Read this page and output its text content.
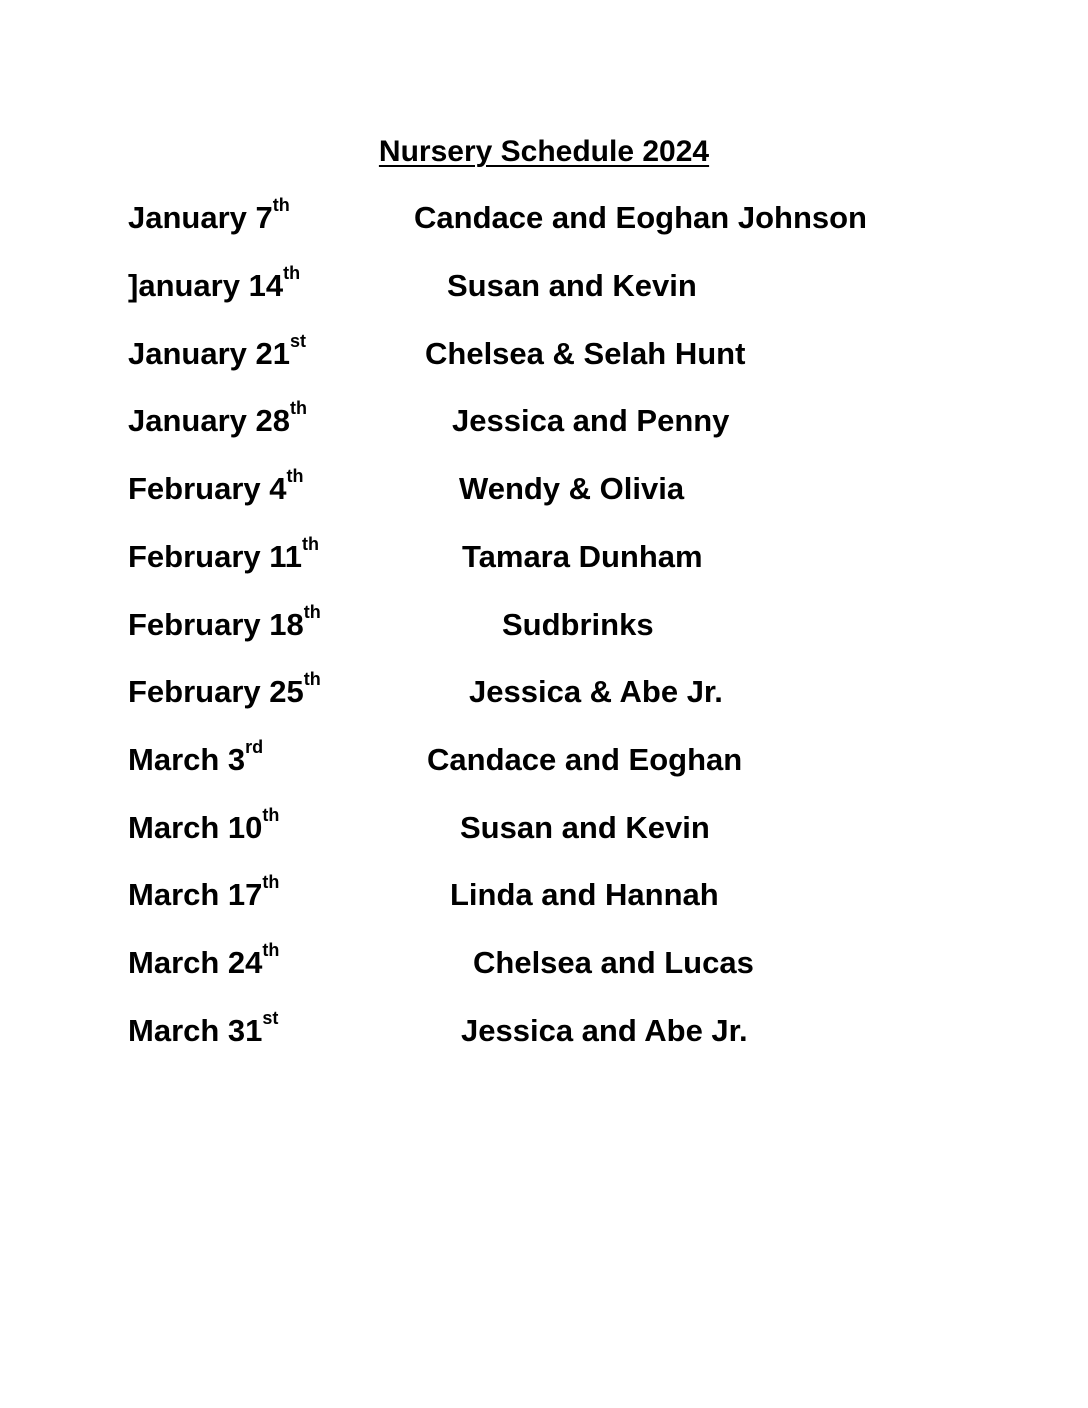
Nursery Schedule 2024
January 7th	Candace and Eoghan Johnson
]anuary 14th	Susan and Kevin
January 21st	Chelsea & Selah Hunt
January 28th	Jessica and Penny
February 4th	Wendy & Olivia
February 11th	Tamara Dunham
February 18th	Sudbrinks
February 25th	Jessica & Abe Jr.
March 3rd	Candace and Eoghan
March 10th	Susan and Kevin
March 17th	Linda and Hannah
March 24th	Chelsea and Lucas
March 31st	Jessica and Abe Jr.
